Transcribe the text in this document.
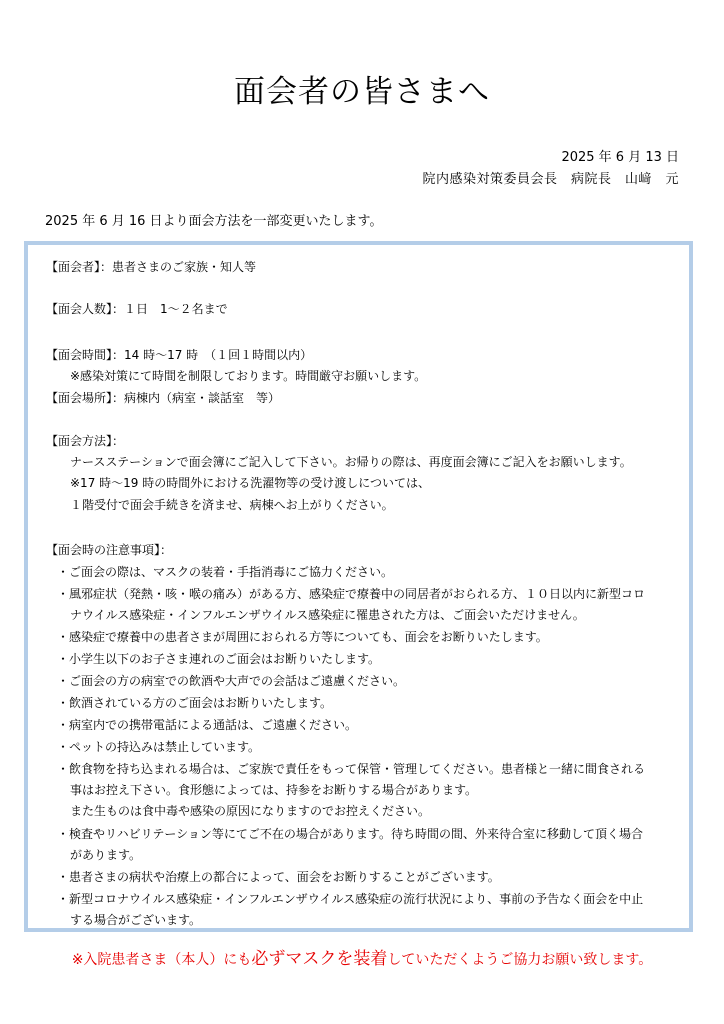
面会者の皆さまへ
2025 年 6 月 13 日
院内感染対策委員会長　病院長　山﨑　元
2025 年 6 月 16 日より面会方法を一部変更いたします。
【面会者】：患者さまのご家族・知人等
【面会人数】：１日　1〜２名まで
【面会時間】：14 時〜17 時　（１回１時間以内）
※感染対策にて時間を制限しております。時間厳守お願いします。
【面会場所】：病棟内（病室・談話室　等）
【面会方法】：
ナースステーションで面会簿にご記入して下さい。お帰りの際は、再度面会簿にご記入をお願いします。
※17 時〜19 時の時間外における洗濯物等の受け渡しについては、
１階受付で面会手続きを済ませ、病棟へお上がりください。
【面会時の注意事項】：
・ご面会の際は、マスクの装着・手指消毒にご協力ください。
・風邪症状（発熱・咳・喉の痛み）がある方、感染症で療養中の同居者がおられる方、１０日以内に新型コロ
ナウイルス感染症・インフルエンザウイルス感染症に罹患された方は、ご面会いただけません。
・感染症で療養中の患者さまが周囲におられる方等についても、面会をお断りいたします。
・小学生以下のお子さま連れのご面会はお断りいたします。
・ご面会の方の病室での飲酒や大声での会話はご遠慮ください。
・飲酒されている方のご面会はお断りいたします。
・病室内での携帯電話による通話は、ご遠慮ください。
・ペットの持込みは禁止しています。
・飲食物を持ち込まれる場合は、ご家族で責任をもって保管・管理してください。患者様と一緒に間食される
事はお控え下さい。食形態によっては、持参をお断りする場合があります。
また生ものは食中毒や感染の原因になりますのでお控えください。
・検査やリハビリテーション等にてご不在の場合があります。待ち時間の間、外来待合室に移動して頂く場合
があります。
・患者さまの病状や治療上の都合によって、面会をお断りすることがございます。
・新型コロナウイルス感染症・インフルエンザウイルス感染症の流行状況により、事前の予告なく面会を中止
する場合がございます。
※入院患者さま（本人）にも必ずマスクを装着していただくようご協力お願い致します。
